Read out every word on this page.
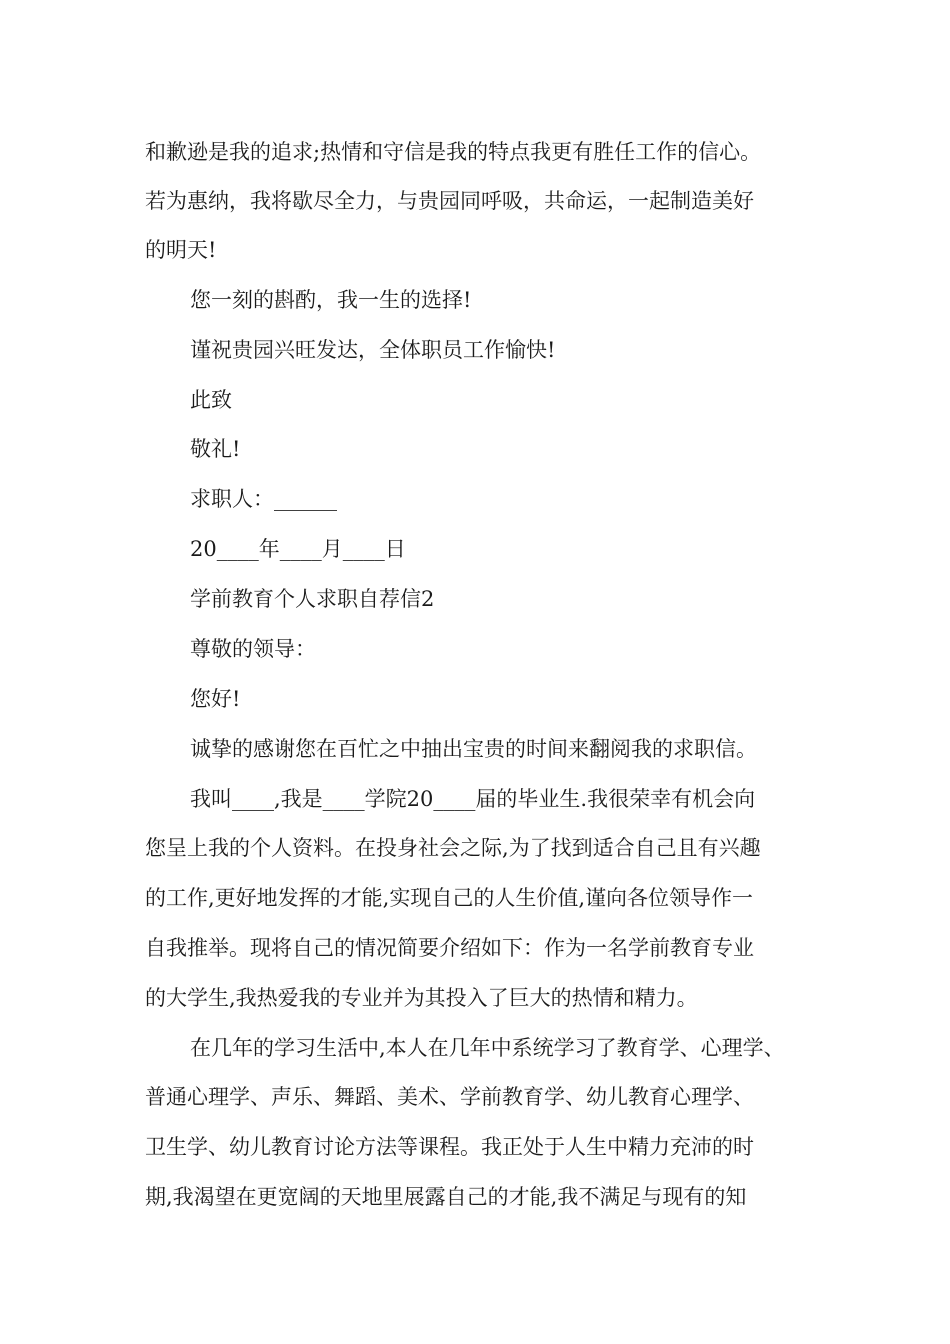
和歉逊是我的追求;热情和守信是我的特点我更有胜任工作的信心。
若为惠纳，我将歇尽全力，与贵园同呼吸，共命运，一起制造美好
的明天!
您一刻的斟酌，我一生的选择!
谨祝贵园兴旺发达，全体职员工作愉快!
此致
敬礼!
求职人：______
20____年____月____日
学前教育个人求职自荐信2
尊敬的领导：
您好!
诚挚的感谢您在百忙之中抽出宝贵的时间来翻阅我的求职信。
我叫____,我是____学院20____届的毕业生.我很荣幸有机会向
您呈上我的个人资料。在投身社会之际,为了找到适合自己且有兴趣
的工作,更好地发挥的才能,实现自己的人生价值,谨向各位领导作一
自我推举。现将自己的情况简要介绍如下：作为一名学前教育专业
的大学生,我热爱我的专业并为其投入了巨大的热情和精力。
在几年的学习生活中,本人在几年中系统学习了教育学、心理学、
普通心理学、声乐、舞蹈、美术、学前教育学、幼儿教育心理学、
卫生学、幼儿教育讨论方法等课程。我正处于人生中精力充沛的时
期,我渴望在更宽阔的天地里展露自己的才能,我不满足与现有的知
